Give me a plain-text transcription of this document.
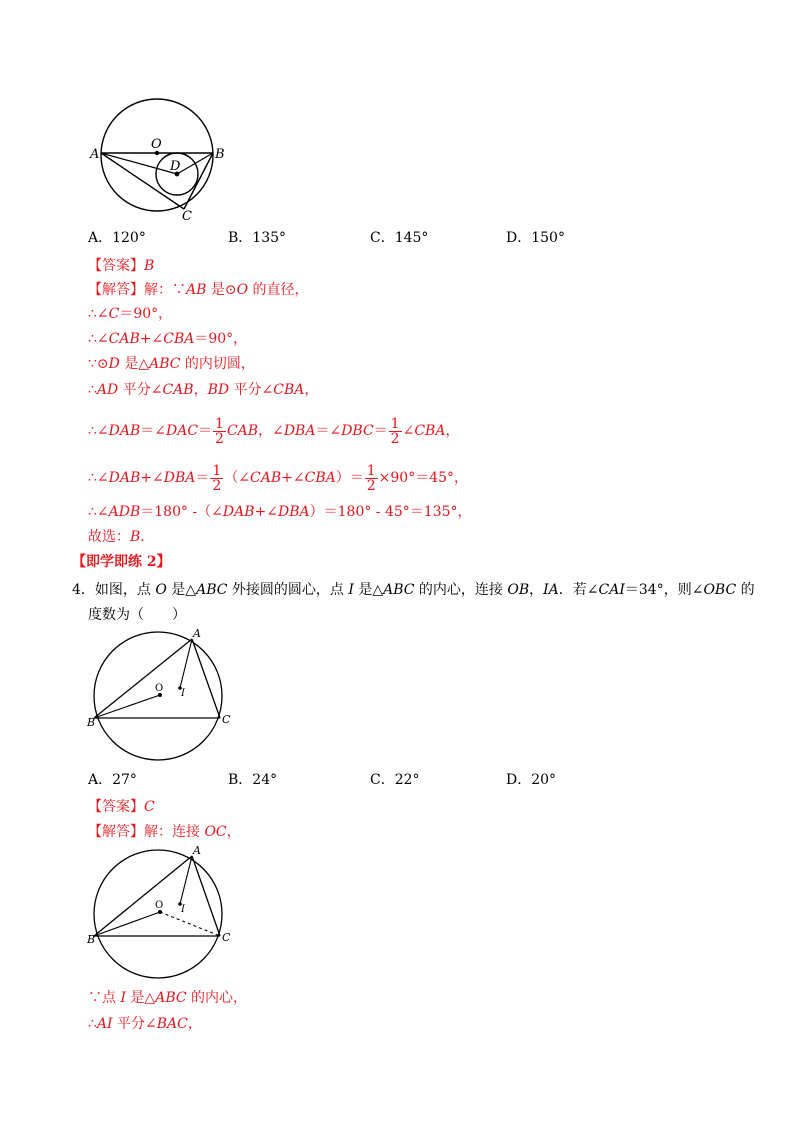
A
O
D
B
C
A．120°	B．135°	C．145°	D．150°
【答案】B
【解答】解：∵AB 是⊙O 的直径，
∴∠C＝90°，
∴∠CAB+∠CBA＝90°，
∵⊙D 是△ABC 的内切圆，
∴AD 平分∠CAB，BD 平分∠CBA，
∴∠DAB＝∠DAC＝ $\frac{1}{2}$ CAB，∠DBA＝∠DBC＝ $\frac{1}{2}$ ∠CBA，
∴∠DAB+∠DBA＝ $\frac{1}{2}$ （∠CAB+∠CBA）＝ $\frac{1}{2} \times 90^\circ=45^\circ$，
∴∠ADB＝180° -（∠DAB+∠DBA）＝180° - 45°＝135°，
故选：B．
【即学即练 2】
4．如图，点 O 是△ABC 外接圆的圆心，点 I 是△ABC 的内心，连接 OB，IA．若∠CAI＝34°，则∠OBC 的
度数为（　　）
A
O I
B	C
A．27°	B．24°	C．22°	D．20°
【答案】C
【解答】解：连接 OC，
A
O I
B	C
∵点 I 是△ABC 的内心，
∴AI 平分∠BAC，
